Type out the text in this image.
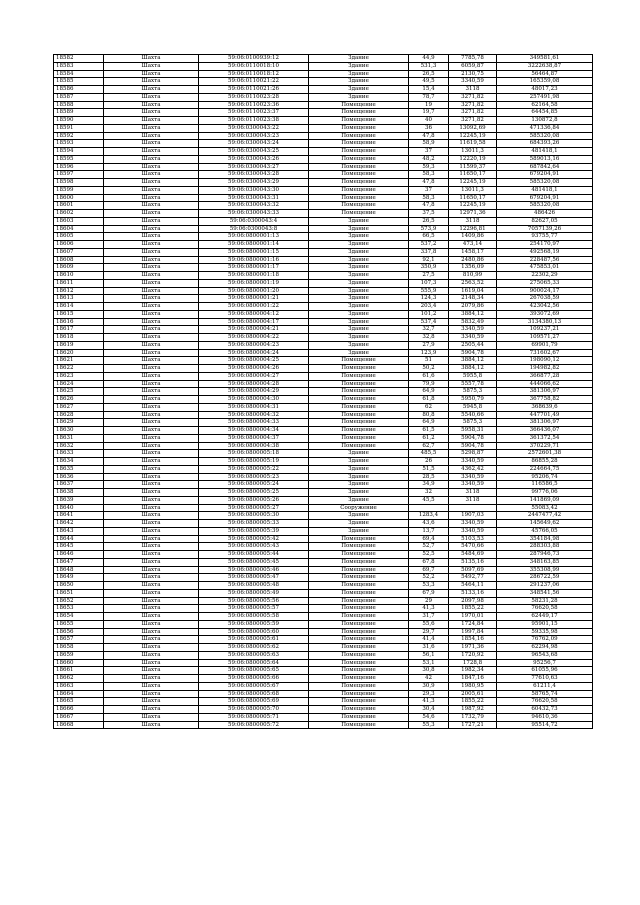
18582	Шахта	59:06:0100939:12	Здание	44,9	7785,78	349581,61
18583	Шахта	59:06:0110018:10	Здание	531,3	6059,87	3222638,87
18584	Шахта	59:06:0110018:12	Здание	26,5	2130,75	56464,87
18585	Шахта	59:06:0110021:22	Здание	49,5	3340,59	165359,08
18586	Шахта	59:06:0110021:26	Здание	15,4	3118	48017,23
18587	Шахта	59:06:0110023:28	Здание	78,7	3271,82	257491,98
18588	Шахта	59:06:0110023:36	Помещение	19	3271,82	62164,58
18589	Шахта	59:06:0110023:37	Помещение	19,7	3271,82	64454,85
18590	Шахта	59:06:0110023:38	Помещение	40	3271,82	130872,8
18591	Шахта	59:06:0300043:22	Помещение	36	13092,69	471336,84
18592	Шахта	59:06:0300043:23	Помещение	47,8	12245,19	585320,08
18593	Шахта	59:06:0300043:24	Помещение	58,9	11619,58	684393,26
18594	Шахта	59:06:0300043:25	Помещение	37	13011,3	481418,1
18595	Шахта	59:06:0300043:26	Помещение	48,2	12220,19	589013,16
18596	Шахта	59:06:0300043:27	Помещение	59,3	11599,37	687842,64
18597	Шахта	59:06:0300043:28	Помещение	58,3	11650,17	679204,91
18598	Шахта	59:06:0300043:29	Помещение	47,8	12245,19	585320,08
18599	Шахта	59:06:0300043:30	Помещение	37	13011,3	481418,1
18600	Шахта	59:06:0300043:31	Помещение	58,3	11650,17	679204,91
18601	Шахта	59:06:0300043:32	Помещение	47,8	12245,19	585320,08
18602	Шахта	59:06:0300043:33	Помещение	37,5	12971,36	486426
18603	Шахта	59:06:0300043:4	Здание	26,5	3118	82627,05
18604	Шахта	59:06:0300043:8	Здание	573,9	12296,81	7057139,26
18605	Шахта	59:06:0800001:13	Здание	66,5	1409,86	93755,77
18606	Шахта	59:06:0800001:14	Здание	537,2	473,14	254170,97
18607	Шахта	59:06:0800001:15	Здание	337,8	1458,17	492568,19
18608	Шахта	59:06:0800001:16	Здание	92,1	2480,86	228487,56
18609	Шахта	59:06:0800001:17	Здание	350,9	1356,09	475853,01
18610	Шахта	59:06:0800001:18	Здание	27,5	810,99	22302,29
18611	Шахта	59:06:0800001:19	Здание	107,3	2563,52	275065,33
18612	Шахта	59:06:0800001:20	Здание	555,9	1619,04	900024,17
18613	Шахта	59:06:0800001:21	Здание	124,3	2148,34	267038,59
18614	Шахта	59:06:0800001:22	Здание	203,4	2079,86	423042,56
18615	Шахта	59:06:0800004:12	Здание	101,2	3884,12	393072,69
18616	Шахта	59:06:0800004:17	Здание	537,4	5832,49	3134380,13
18617	Шахта	59:06:0800004:21	Здание	32,7	3340,59	109237,21
18618	Шахта	59:06:0800004:22	Здание	32,8	3340,59	109571,27
18619	Шахта	59:06:0800004:23	Здание	27,9	2505,44	69901,79
18620	Шахта	59:06:0800004:24	Здание	123,9	5904,78	731602,67
18621	Шахта	59:06:0800004:25	Помещение	51	3884,12	198090,12
18622	Шахта	59:06:0800004:26	Помещение	50,2	3884,12	194982,82
18623	Шахта	59:06:0800004:27	Помещение	61,6	5955,8	366877,28
18624	Шахта	59:06:0800004:28	Помещение	79,9	5557,78	444066,62
18625	Шахта	59:06:0800004:29	Помещение	64,9	5875,3	381306,97
18626	Шахта	59:06:0800004:30	Помещение	61,8	5950,79	367758,82
18627	Шахта	59:06:0800004:31	Помещение	62	5945,8	368639,6
18628	Шахта	59:06:0800004:32	Помещение	80,8	5540,66	447701,49
18629	Шахта	59:06:0800004:33	Помещение	64,9	5875,3	381306,97
18630	Шахта	59:06:0800004:34	Помещение	61,5	5958,31	366436,07
18631	Шахта	59:06:0800004:37	Помещение	61,2	5904,78	361372,54
18632	Шахта	59:06:0800004:38	Помещение	62,7	5904,78	370229,71
18633	Шахта	59:06:0800005:18	Здание	485,5	5298,87	2572601,38
18634	Шахта	59:06:0800005:19	Здание	26	3340,59	86855,28
18635	Шахта	59:06:0800005:22	Здание	51,5	4362,42	224664,75
18636	Шахта	59:06:0800005:23	Здание	28,5	3340,59	95206,74
18637	Шахта	59:06:0800005:24	Здание	34,9	3340,59	116586,5
18638	Шахта	59:06:0800005:25	Здание	32	3118	99776,06
18639	Шахта	59:06:0800005:26	Здание	45,5	3118	141869,09
18640	Шахта	59:06:0800005:27	Сооружение			55083,42
18641	Шахта	59:06:0800005:30	Здание	1283,4	1907,03	2447477,42
18642	Шахта	59:06:0800005:33	Здание	43,6	3340,59	145649,62
18643	Шахта	59:06:0800005:39	Здание	13,7	3340,59	45766,05
18644	Шахта	59:06:0800005:42	Помещение	69,4	5103,53	354184,98
18645	Шахта	59:06:0800005:43	Помещение	52,7	5470,66	288303,88
18646	Шахта	59:06:0800005:44	Помещение	52,5	5484,69	287946,73
18647	Шахта	59:06:0800005:45	Помещение	67,8	5135,16	348163,85
18648	Шахта	59:06:0800005:46	Помещение	69,7	5097,69	355308,99
18649	Шахта	59:06:0800005:47	Помещение	52,2	5492,77	286722,59
18650	Шахта	59:06:0800005:48	Помещение	53,3	5464,11	291237,06
18651	Шахта	59:06:0800005:49	Помещение	67,9	5133,16	348541,56
18652	Шахта	59:06:0800005:56	Помещение	29	2097,98	58231,28
18653	Шахта	59:06:0800005:57	Помещение	41,3	1855,22	76620,58
18654	Шахта	59:06:0800005:58	Помещение	31,7	1970,01	62449,17
18655	Шахта	59:06:0800005:59	Помещение	55,6	1724,84	95901,15
18656	Шахта	59:06:0800005:60	Помещение	29,7	1997,84	59335,98
18657	Шахта	59:06:0800005:61	Помещение	41,4	1854,16	76762,09
18658	Шахта	59:06:0800005:62	Помещение	31,6	1971,36	62294,98
18659	Шахта	59:06:0800005:63	Помещение	56,1	1720,92	96543,68
18660	Шахта	59:06:0800005:64	Помещение	53,1	1728,8	95256,7
18661	Шахта	59:06:0800005:65	Помещение	30,8	1982,34	61055,96
18662	Шахта	59:06:0800005:66	Помещение	42	1847,16	77610,63
18663	Шахта	59:06:0800005:67	Помещение	30,9	1980,95	61211,4
18664	Шахта	59:06:0800005:68	Помещение	29,3	2005,61	58765,74
18665	Шахта	59:06:0800005:69	Помещение	41,3	1855,22	76620,58
18666	Шахта	59:06:0800005:70	Помещение	30,4	1987,92	60432,73
18667	Шахта	59:06:0800005:71	Помещение	54,6	1732,79	94610,36
18668	Шахта	59:06:0800005:72	Помещение	55,3	1727,21	95514,72
